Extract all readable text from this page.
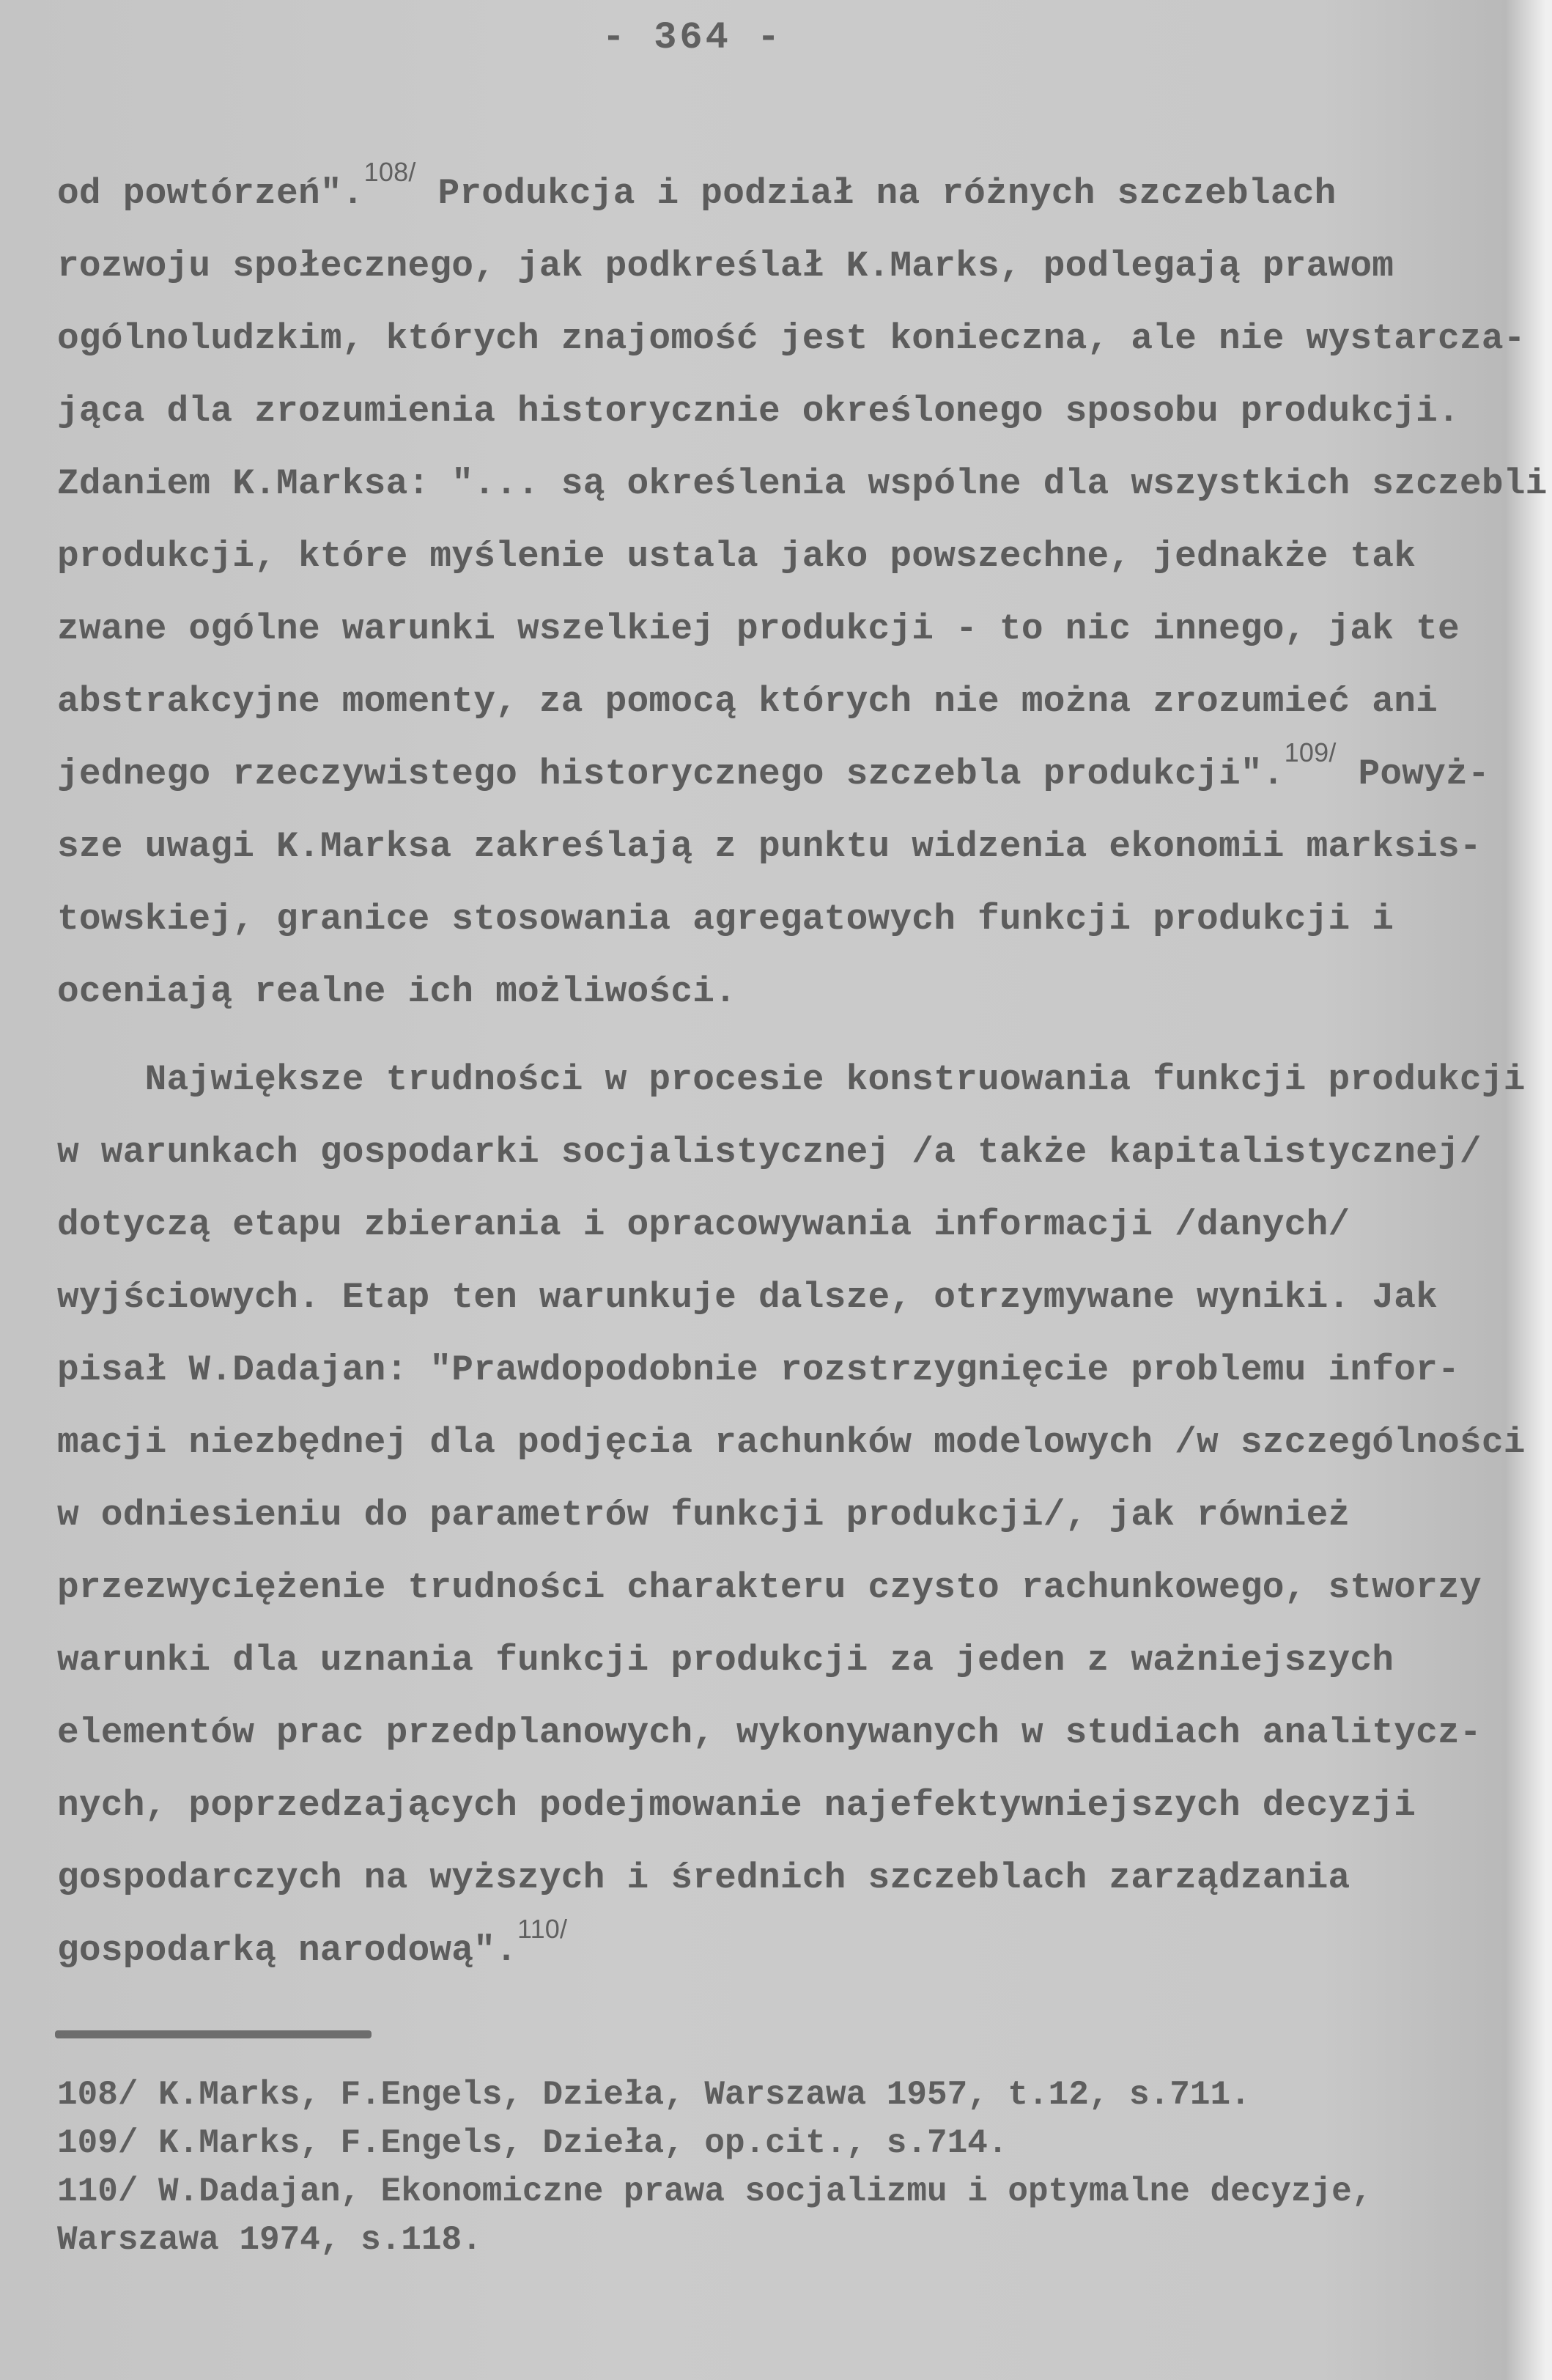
- 364 -
od powtórzeń".$^{108/}$ Produkcja i podział na różnych szczeblach
rozwoju społecznego, jak podkreślał K.Marks, podlegają prawom
ogólnoludzkim, których znajomość jest konieczna, ale nie wystarcza-
jąca dla zrozumienia historycznie określonego sposobu produkcji.
Zdaniem K.Marksa: "... są określenia wspólne dla wszystkich szczebli
produkcji, które myślenie ustala jako powszechne, jednakże tak
zwane ogólne warunki wszelkiej produkcji - to nic innego, jak te
abstrakcyjne momenty, za pomocą których nie można zrozumieć ani
jednego rzeczywistego historycznego szczebla produkcji".$^{109/}$ Powyż-
sze uwagi K.Marksa zakreślają z punktu widzenia ekonomii marksis-
towskiej, granice stosowania agregatowych funkcji produkcji i
oceniają realne ich możliwości.
Największe trudności w procesie konstruowania funkcji produkcji
w warunkach gospodarki socjalistycznej /a także kapitalistycznej/
dotyczą etapu zbierania i opracowywania informacji /danych/
wyjściowych. Etap ten warunkuje dalsze, otrzymywane wyniki. Jak
pisał W.Dadajan: "Prawdopodobnie rozstrzygnięcie problemu infor-
macji niezbędnej dla podjęcia rachunków modelowych /w szczególności
w odniesieniu do parametrów funkcji produkcji/, jak również
przezwyciężenie trudności charakteru czysto rachunkowego, stworzy
warunki dla uznania funkcji produkcji za jeden z ważniejszych
elementów prac przedplanowych, wykonywanych w studiach analitycz-
nych, poprzedzających podejmowanie najefektywniejszych decyzji
gospodarczych na wyższych i średnich szczeblach zarządzania
gospodarką narodową".$^{110/}$
108/ K.Marks, F.Engels, Dzieła, Warszawa 1957, t.12, s.711.
109/ K.Marks, F.Engels, Dzieła, op.cit., s.714.
110/ W.Dadajan, Ekonomiczne prawa socjalizmu i optymalne decyzje,
Warszawa 1974, s.118.
